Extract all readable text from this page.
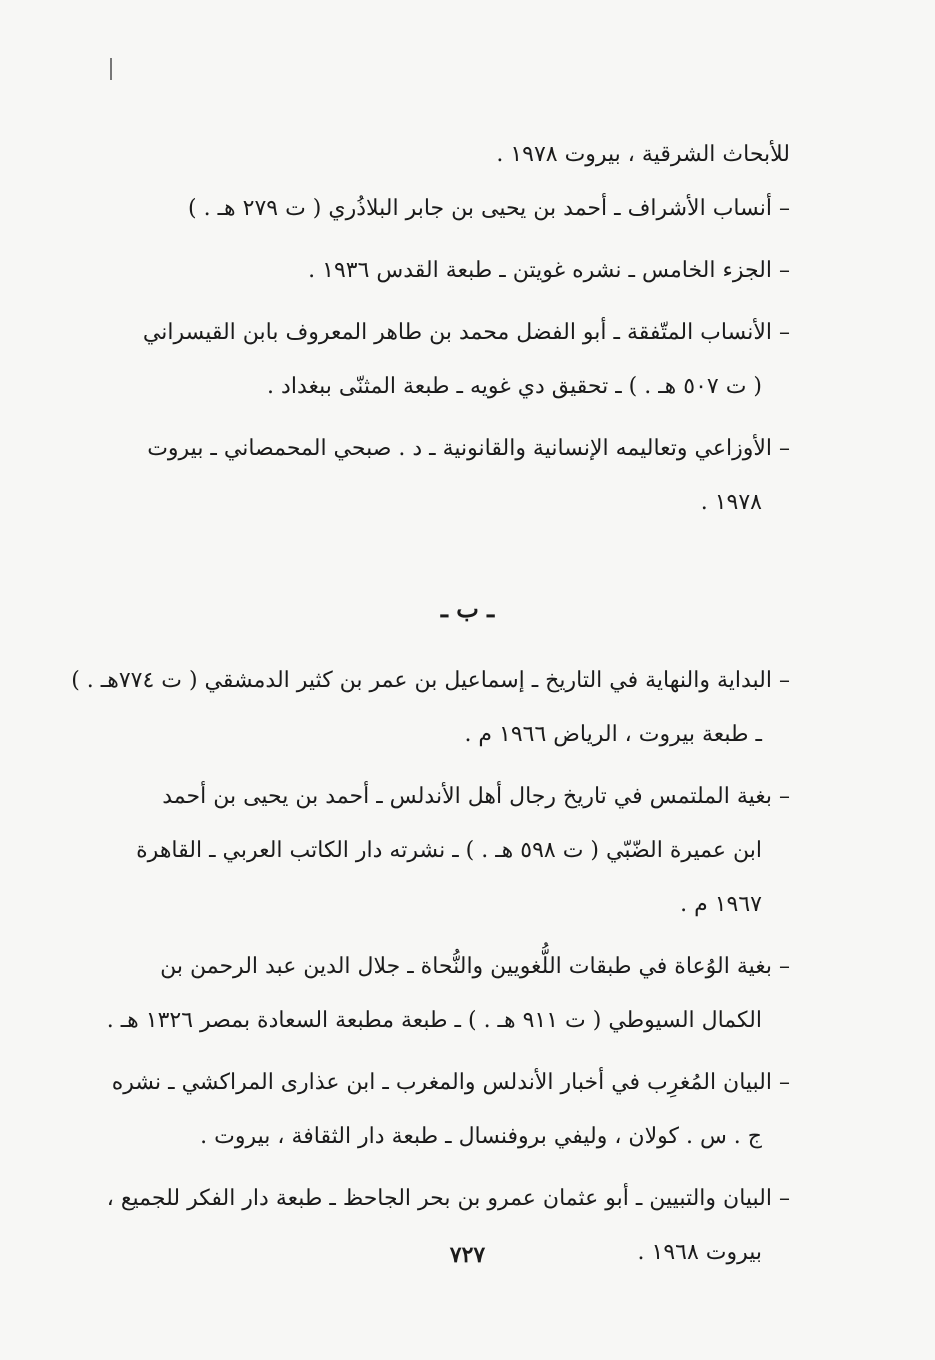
للأبحاث الشرقية ، بيروت ١٩٧٨ .
– أنساب الأشراف ـ أحمد بن يحيى بن جابر البلاذُري ( ت ٢٧٩ هـ . )
– الجزء الخامس ـ نشره غويتن ـ طبعة القدس ١٩٣٦ .
– الأنساب المتّفقة ـ أبو الفضل محمد بن طاهر المعروف بابن القيسراني
( ت ٥٠٧ هـ . ) ـ تحقيق دي غويه ـ طبعة المثنّى ببغداد .
– الأوزاعي وتعاليمه الإنسانية والقانونية ـ د . صبحي المحمصاني ـ بيروت
١٩٧٨ .
ـ ب ـ
– البداية والنهاية في التاريخ ـ إسماعيل بن عمر بن كثير الدمشقي ( ت ٧٧٤هـ . )
ـ طبعة بيروت ، الرياض ١٩٦٦ م .
– بغية الملتمس في تاريخ رجال أهل الأندلس ـ أحمد بن يحيى بن أحمد
ابن عميرة الضّبّي ( ت ٥٩٨ هـ . ) ـ نشرته دار الكاتب العربي ـ القاهرة
١٩٦٧ م .
– بغية الوُعاة في طبقات اللُّغويين والنُّحاة ـ جلال الدين عبد الرحمن بن
الكمال السيوطي ( ت ٩١١ هـ . ) ـ طبعة مطبعة السعادة بمصر ١٣٢٦ هـ .
– البيان المُغرِب في أخبار الأندلس والمغرب ـ ابن عذارى المراكشي ـ نشره
ج . س . كولان ، وليفي بروفنسال ـ طبعة دار الثقافة ، بيروت .
– البيان والتبيين ـ أبو عثمان عمرو بن بحر الجاحظ ـ طبعة دار الفكر للجميع ،
بيروت ١٩٦٨ .
٧٢٧
